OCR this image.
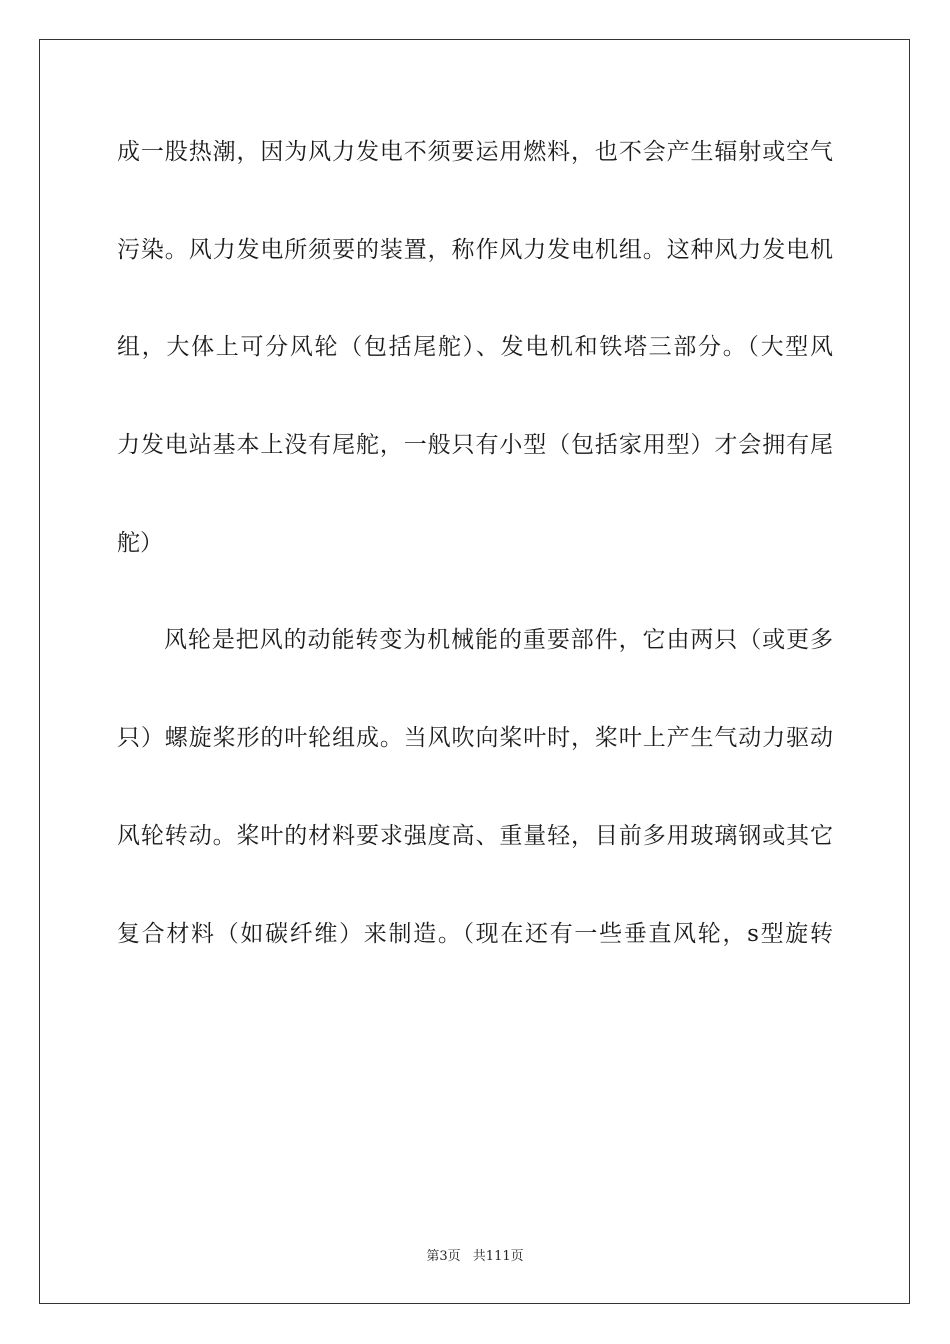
成一股热潮，因为风力发电不须要运用燃料，也不会产生辐射或空气
污染。风力发电所须要的装置，称作风力发电机组。这种风力发电机
组，大体上可分风轮（包括尾舵）、发电机和铁塔三部分。（大型风
力发电站基本上没有尾舵，一般只有小型（包括家用型）才会拥有尾
舵）
风轮是把风的动能转变为机械能的重要部件，它由两只（或更多
只）螺旋桨形的叶轮组成。当风吹向桨叶时，桨叶上产生气动力驱动
风轮转动。桨叶的材料要求强度高、重量轻，目前多用玻璃钢或其它
复合材料（如碳纤维）来制造。（现在还有一些垂直风轮，s型旋转
第3页 共111页
